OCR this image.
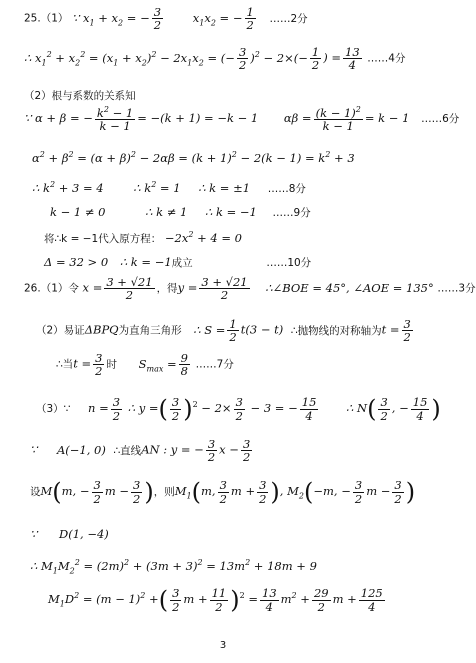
25.（1） ∵ $x_1 + x_2$ = − $\frac{3}{2}$	$x_1x_2$ = − $\frac{1}{2}$ ……2分
∴ $x_1^2 + x_2^2 = (x_1 + x_2)^2 - 2x_1x_2$ = (− $\frac{3}{2} )^2 - 2\times(- \frac{1}{2}$ ) = $\frac{13}{4}$ ……4分
（2）根与系数的关系知
∵ α + β = − $\frac{k^2 - 1}{k - 1} = -(k + 1) = -k - 1$ $\alpha\beta = \frac{(k - 1)^2}{k - 1} = k - 1$ ……6分
$\alpha^2 + \beta^2 = (\alpha + \beta)^2 - 2\alpha\beta = (k + 1)^2 - 2(k - 1) = k^2 + 3$
∴ $k^2 + 3 = 4$	∴ $k^2 = 1$ ∴ k = ±1 ……8分
k − 1 ≠ 0	∴ k ≠ 1 ∴ k = −1 ……9分
将∴k = −1代入原方程： $-2x^2 + 4 = 0$
Δ = 32 > 0 ∴ k = −1成立	……10分
26.（1）令 $x = \frac{3 + √21}{2}$ ，得$y = \frac{3 + √21}{2}$ ∴∠BOE = 45°, ∠AOE = 135° ……3分
（2）易证ΔBPQ为直角三角形 ∴ $S = \frac{1}{2} t(3 - t)$ ∴抛物线的对称轴为$t = \frac{3}{2}$
∴当$t = \frac{3}{2}$ 时 $S_{max} = \frac{9}{8}$ ……7分
（3）∵ $n = \frac{3}{2}$ ∴ y =( $\frac{3}{2} )^2 - 2\times \frac{3}{2} - 3$ = − $\frac{15}{4}$ ∴ $N( \frac{3}{2}$ , − $\frac{15}{4}$ )
∵ A(−1, 0) ∴直线AN : y = − $\frac{3}{2}$ $x - \frac{3}{2}$
设M(m, − $\frac{3}{2}$ $m - \frac{3}{2}$ )，则$M_1(m$, $\frac{3}{2}$ $m + \frac{3}{2}$ ), $M_2(-m$, − $\frac{3}{2}$ $m - \frac{3}{2}$ )
∵ D(1, −4)
∴ $M_1M_2^2 = (2m)^2 + (3m + 3)^2 = 13m^2 + 18m + 9$
$M_1D^2 = (m - 1)^2$ +( $\frac{3}{2}$ $m + \frac{11}{2} )^2 = \frac{13}{4} m^2 + \frac{29}{2}$ $m + \frac{125}{4}$
3
